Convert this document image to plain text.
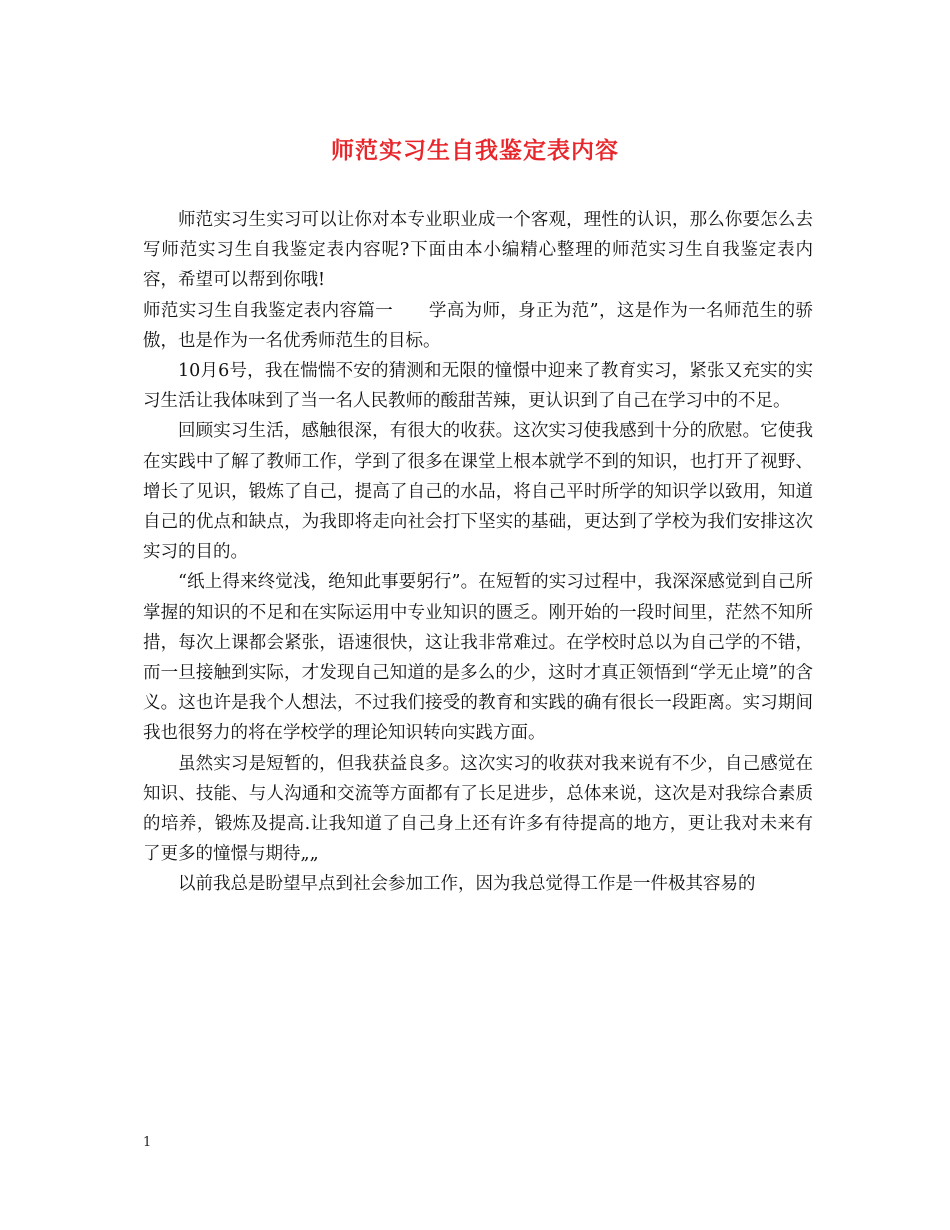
师范实习生自我鉴定表内容

师范实习生实习可以让你对本专业职业成一个客观，理性的认识，那么你要怎么去写师范实习生自我鉴定表内容呢?下面由本小编精心整理的师范实习生自我鉴定表内容，希望可以帮到你哦!

师范实习生自我鉴定表内容篇一　　学高为师，身正为范”，这是作为一名师范生的骄傲，也是作为一名优秀师范生的目标。

10月6号，我在惴惴不安的猜测和无限的憧憬中迎来了教育实习，紧张又充实的实习生活让我体味到了当一名人民教师的酸甜苦辣，更认识到了自己在学习中的不足。

回顾实习生活，感触很深，有很大的收获。这次实习使我感到十分的欣慰。它使我在实践中了解了教师工作，学到了很多在课堂上根本就学不到的知识，也打开了视野、增长了见识，锻炼了自己，提高了自己的水品，将自己平时所学的知识学以致用，知道自己的优点和缺点，为我即将走向社会打下坚实的基础，更达到了学校为我们安排这次实习的目的。

“纸上得来终觉浅，绝知此事要躬行”。在短暂的实习过程中，我深深感觉到自己所掌握的知识的不足和在实际运用中专业知识的匮乏。刚开始的一段时间里，茫然不知所措，每次上课都会紧张，语速很快，这让我非常难过。在学校时总以为自己学的不错，而一旦接触到实际，才发现自己知道的是多么的少，这时才真正领悟到“学无止境”的含义。这也许是我个人想法，不过我们接受的教育和实践的确有很长一段距离。实习期间我也很努力的将在学校学的理论知识转向实践方面。

虽然实习是短暂的，但我获益良多。这次实习的收获对我来说有不少，自己感觉在知识、技能、与人沟通和交流等方面都有了长足进步，总体来说，这次是对我综合素质的培养，锻炼及提高.让我知道了自己身上还有许多有待提高的地方，更让我对未来有了更多的憧憬与期待„„

以前我总是盼望早点到社会参加工作，因为我总觉得工作是一件极其容易的

1
